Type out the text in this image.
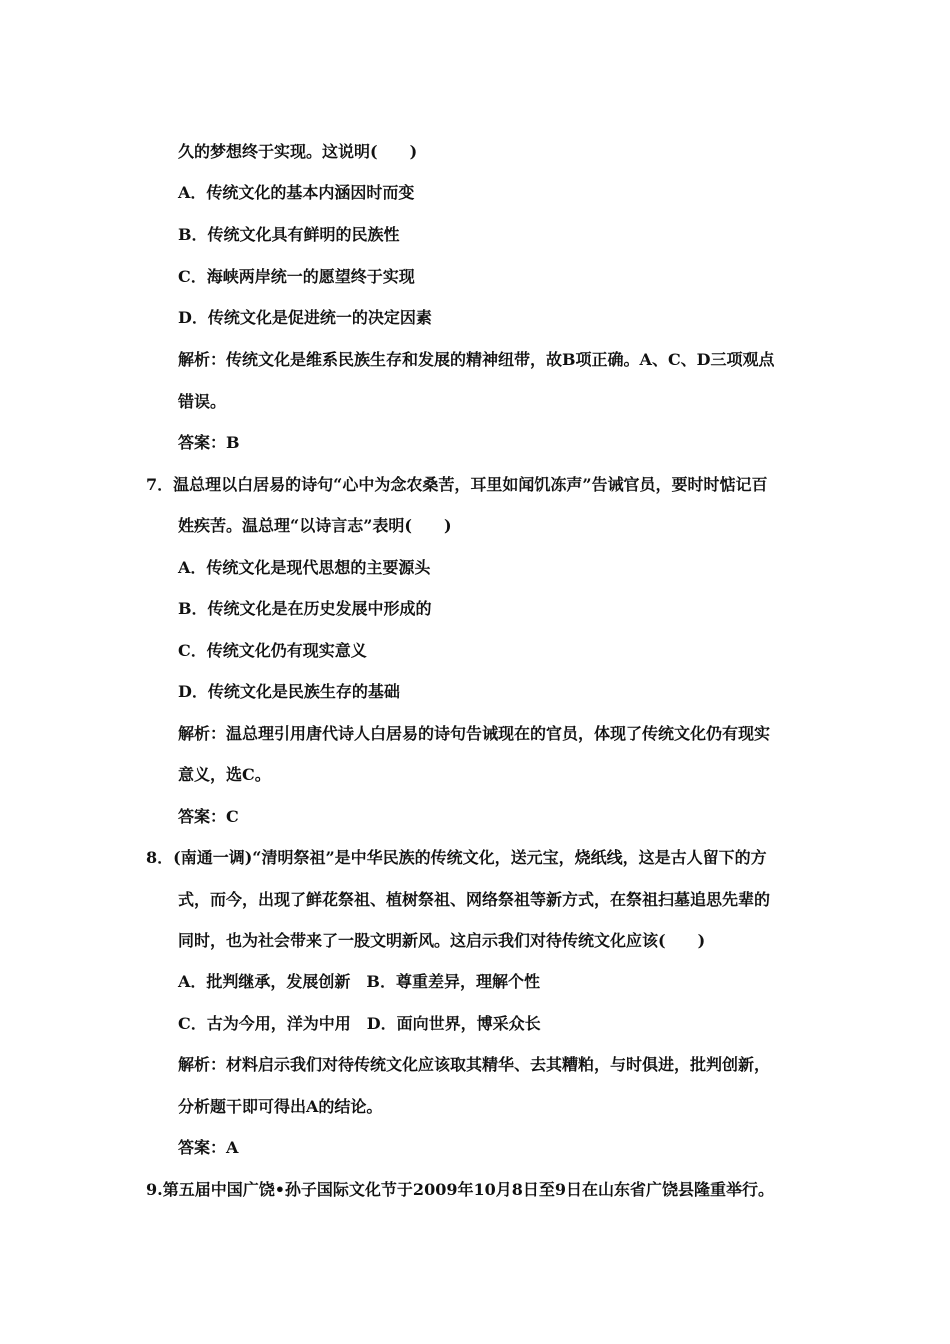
久的梦想终于实现。这说明(　　)
A．传统文化的基本内涵因时而变
B．传统文化具有鲜明的民族性
C．海峡两岸统一的愿望终于实现
D．传统文化是促进统一的决定因素
解析：传统文化是维系民族生存和发展的精神纽带，故B项正确。A、C、D三项观点
错误。
答案：B
7．温总理以白居易的诗句“心中为念农桑苦，耳里如闻饥冻声”告诫官员，要时时惦记百
姓疾苦。温总理“以诗言志”表明(　　)
A．传统文化是现代思想的主要源头
B．传统文化是在历史发展中形成的
C．传统文化仍有现实意义
D．传统文化是民族生存的基础
解析：温总理引用唐代诗人白居易的诗句告诫现在的官员，体现了传统文化仍有现实
意义，选C。
答案：C
8．(南通一调)“清明祭祖”是中华民族的传统文化，送元宝，烧纸线，这是古人留下的方
式，而今，出现了鲜花祭祖、植树祭祖、网络祭祖等新方式，在祭祖扫墓追思先辈的
同时，也为社会带来了一股文明新风。这启示我们对待传统文化应该(　　)
A．批判继承，发展创新　B．尊重差异，理解个性
C．古为今用，洋为中用　D．面向世界，博采众长
解析：材料启示我们对待传统文化应该取其精华、去其糟粕，与时俱进，批判创新，
分析题干即可得出A的结论。
答案：A
9.第五届中国广饶•孙子国际文化节于2009年10月8日至9日在山东省广饶县隆重举行。
